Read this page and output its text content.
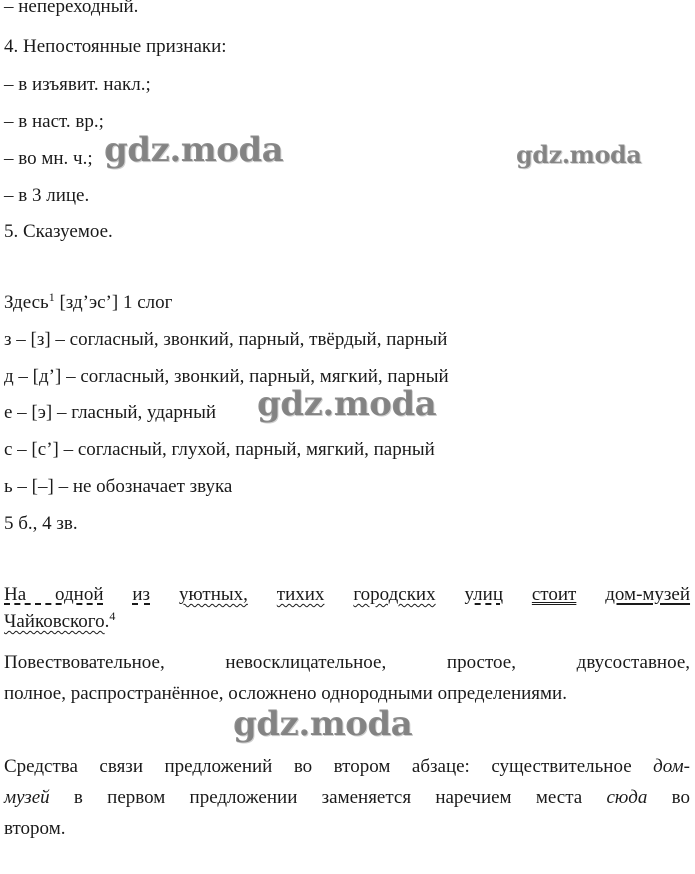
– непереходный.
4. Непостоянные признаки:
– в изъявит. накл.;
– в наст. вр.;
– во мн. ч.;
– в 3 лице.
5. Сказуемое.
Здесь$^1$ [зд’эс’] 1 слог
з – [з] – согласный, звонкий, парный, твёрдый, парный
д – [д’] – согласный, звонкий, парный, мягкий, парный
е – [э] – гласный, ударный
с – [с’] – согласный, глухой, парный, мягкий, парный
ь – [–] – не обозначает звука
5 б., 4 зв.
На одной из уютных, тихих городских улиц стоит дом-музей
Чайковского.$^4$
Повествовательное, невосклицательное, простое, двусоставное,
полное, распространённое, осложнено однородными определениями.
Средства связи предложений во втором абзаце: существительное дом-
музей в первом предложении заменяется наречием места сюда во
втором.
gdz.moda	gdz.moda
gdz.moda
gdz.moda
